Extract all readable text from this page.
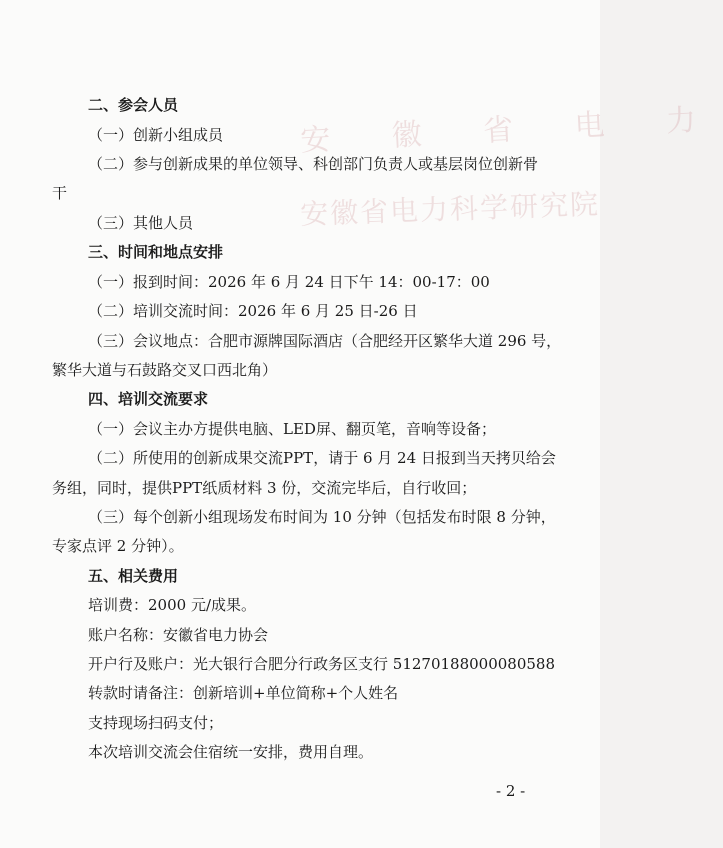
安 徽 省 电 力
安徽省电力科学研究院
二、参会人员
（一）创新小组成员
（二）参与创新成果的单位领导、科创部门负责人或基层岗位创新骨
干
（三）其他人员
三、时间和地点安排
（一）报到时间：2026 年 6 月 24 日下午 14：00-17：00
（二）培训交流时间：2026 年 6 月 25 日-26 日
（三）会议地点：合肥市源牌国际酒店（合肥经开区繁华大道 296 号，
繁华大道与石鼓路交叉口西北角）
四、培训交流要求
（一）会议主办方提供电脑、LED屏、翻页笔，音响等设备；
（二）所使用的创新成果交流PPT，请于 6 月 24 日报到当天拷贝给会
务组，同时，提供PPT纸质材料 3 份，交流完毕后，自行收回；
（三）每个创新小组现场发布时间为 10 分钟（包括发布时限 8 分钟，
专家点评 2 分钟）。
五、相关费用
培训费：2000 元/成果。
账户名称：安徽省电力协会
开户行及账户：光大银行合肥分行政务区支行 51270188000080588
转款时请备注：创新培训+单位简称+个人姓名
支持现场扫码支付；
本次培训交流会住宿统一安排，费用自理。
- 2 -
